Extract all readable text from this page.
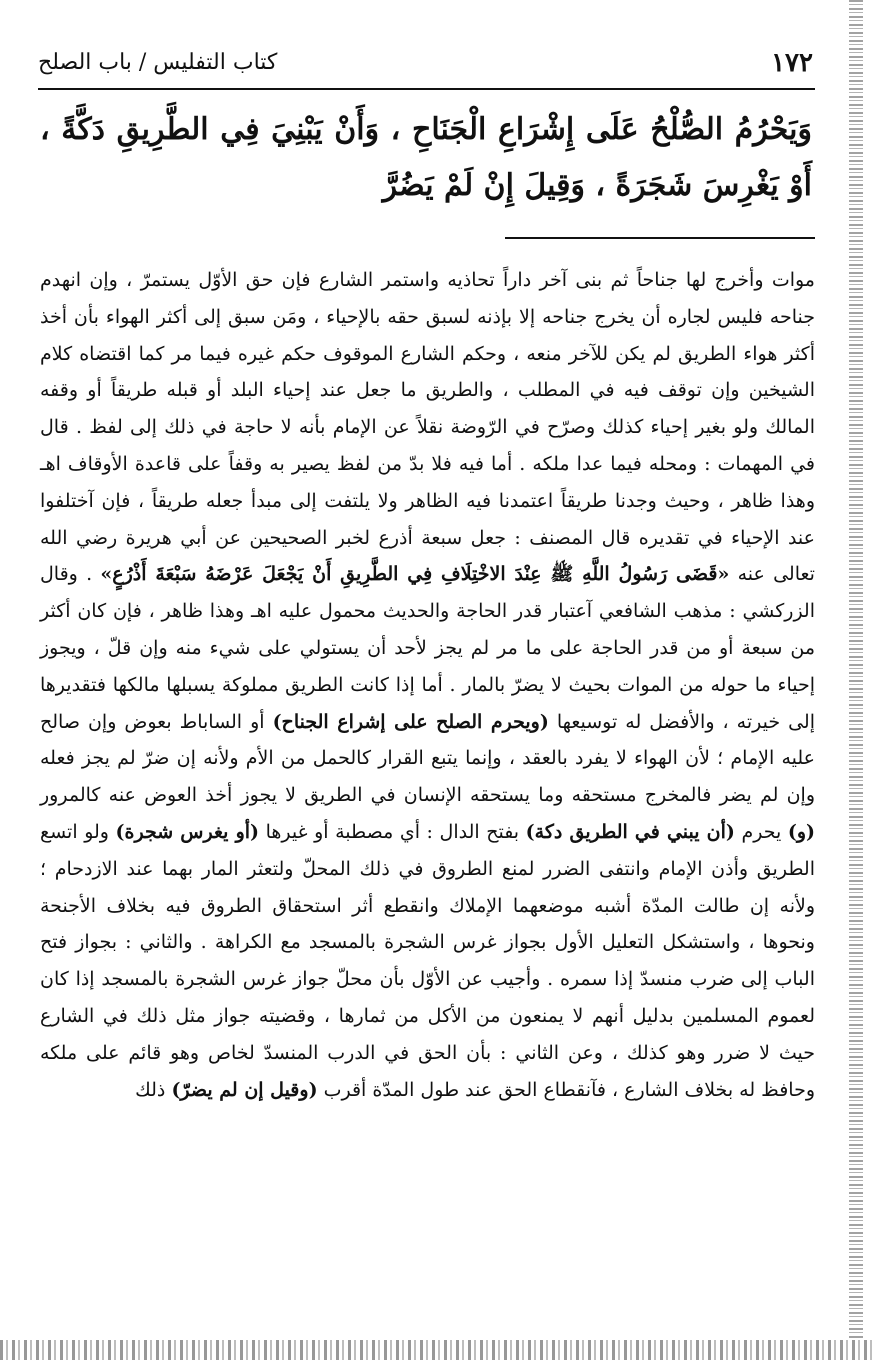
١٧٢
كتاب التفليس / باب الصلح
وَيَحْرُمُ الصُّلْحُ عَلَى إِشْرَاعِ الْجَنَاحِ ، وَأَنْ يَبْنِيَ فِي الطَّرِيقِ دَكَّةً ، أَوْ يَغْرِسَ شَجَرَةً ، وَقِيلَ إِنْ لَمْ يَضُرَّ

موات وأخرج لها جناحاً ثم بنى آخر داراً تحاذيه واستمر الشارع فإن حق الأوّل يستمرّ ، وإن انهدم جناحه فليس لجاره أن يخرج جناحه إلا بإذنه لسبق حقه بالإحياء ، ومَن سبق إلى أكثر الهواء بأن أخذ أكثر هواء الطريق لم يكن للآخر منعه ، وحكم الشارع الموقوف حكم غيره فيما مر كما اقتضاه كلام الشيخين وإن توقف فيه في المطلب ، والطريق ما جعل عند إحياء البلد أو قبله طريقاً أو وقفه المالك ولو بغير إحياء كذلك وصرّح في الرّوضة نقلاً عن الإمام بأنه لا حاجة في ذلك إلى لفظ . قال في المهمات : ومحله فيما عدا ملكه . أما فيه فلا بدّ من لفظ يصير به وقفاً على قاعدة الأوقاف اهـ وهذا ظاهر ، وحيث وجدنا طريقاً اعتمدنا فيه الظاهر ولا يلتفت إلى مبدأ جعله طريقاً ، فإن آختلفوا عند الإحياء في تقديره قال المصنف : جعل سبعة أذرع لخبر الصحيحين عن أبي هريرة رضي الله تعالى عنه «قَضَى رَسُولُ اللَّهِ ﷺ عِنْدَ الاخْتِلَافِ فِي الطَّرِيقِ أَنْ يَجْعَلَ عَرْضَهُ سَبْعَةَ أَذْرُعٍ» . وقال الزركشي : مذهب الشافعي آعتبار قدر الحاجة والحديث محمول عليه اهـ وهذا ظاهر ، فإن كان أكثر من سبعة أو من قدر الحاجة على ما مر لم يجز لأحد أن يستولي على شيء منه وإن قلّ ، ويجوز إحياء ما حوله من الموات بحيث لا يضرّ بالمار . أما إذا كانت الطريق مملوكة يسبلها مالكها فتقديرها إلى خيرته ، والأفضل له توسيعها (ويحرم الصلح على إشراع الجناح) أو الساباط بعوض وإن صالح عليه الإمام ؛ لأن الهواء لا يفرد بالعقد ، وإنما يتبع القرار كالحمل من الأم ولأنه إن ضرّ لم يجز فعله وإن لم يضر فالمخرج مستحقه وما يستحقه الإنسان في الطريق لا يجوز أخذ العوض عنه كالمرور (و) يحرم (أن يبني في الطريق دكة) بفتح الدال : أي مصطبة أو غيرها (أو يغرس شجرة) ولو اتسع الطريق وأذن الإمام وانتفى الضرر لمنع الطروق في ذلك المحلّ ولتعثر المار بهما عند الازدحام ؛ ولأنه إن طالت المدّة أشبه موضعهما الإملاك وانقطع أثر استحقاق الطروق فيه بخلاف الأجنحة ونحوها ، واستشكل التعليل الأول بجواز غرس الشجرة بالمسجد مع الكراهة . والثاني : بجواز فتح الباب إلى ضرب منسدّ إذا سمره . وأجيب عن الأوّل بأن محلّ جواز غرس الشجرة بالمسجد إذا كان لعموم المسلمين بدليل أنهم لا يمنعون من الأكل من ثمارها ، وقضيته جواز مثل ذلك في الشارع حيث لا ضرر وهو كذلك ، وعن الثاني : بأن الحق في الدرب المنسدّ لخاص وهو قائم على ملكه وحافظ له بخلاف الشارع ، فآنقطاع الحق عند طول المدّة أقرب (وقيل إن لم يضرّ) ذلك
